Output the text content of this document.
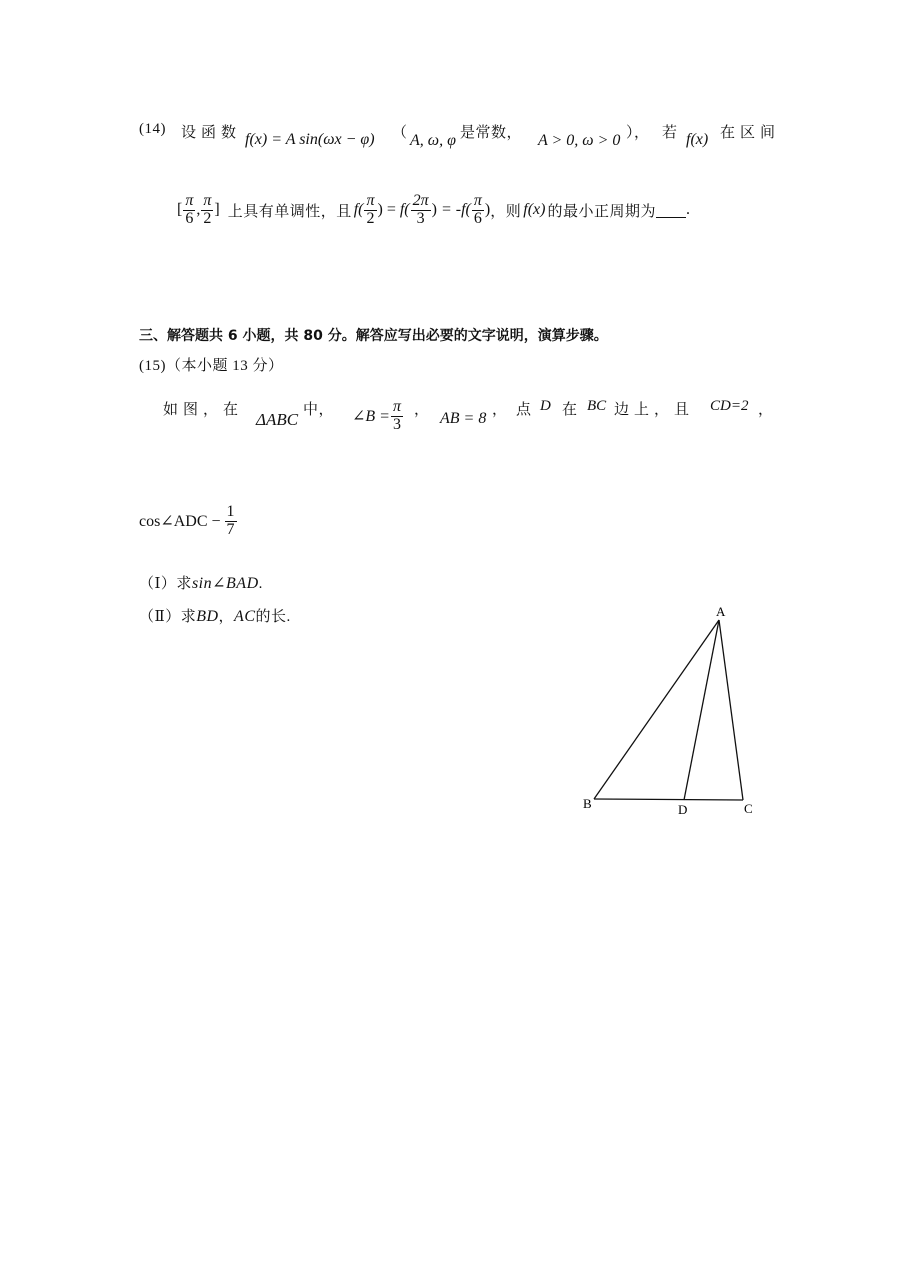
(14) 设函数 f(x) = A sin(ωx − φ) （ A, ω, φ 是常数， A > 0, ω > 0 ）， 若 f(x) 在区间
[ $\frac{\pi}{6}$ , $\frac{\pi}{2}$ ] 上具有单调性，且 $f( \frac{\pi}{2}$ ) = $f( \frac{2\pi}{3}$ ) = $-f( \frac{\pi}{6}$ ) ，则 f(x) 的最小正周期为 .
三、解答题共 6 小题，共 80 分。解答应写出必要的文字说明，演算步骤。
(15)（本小题 13 分）
如图，在 ΔABC 中， ∠B = $\frac{\pi}{3}$ ， AB = 8 ， 点 D 在 BC 边上，且 CD=2 ，
cos∠ADC − $\frac{1}{7}$
（Ⅰ）求sin∠BAD.
（Ⅱ）求BD，AC的长.	A
B	D	C
